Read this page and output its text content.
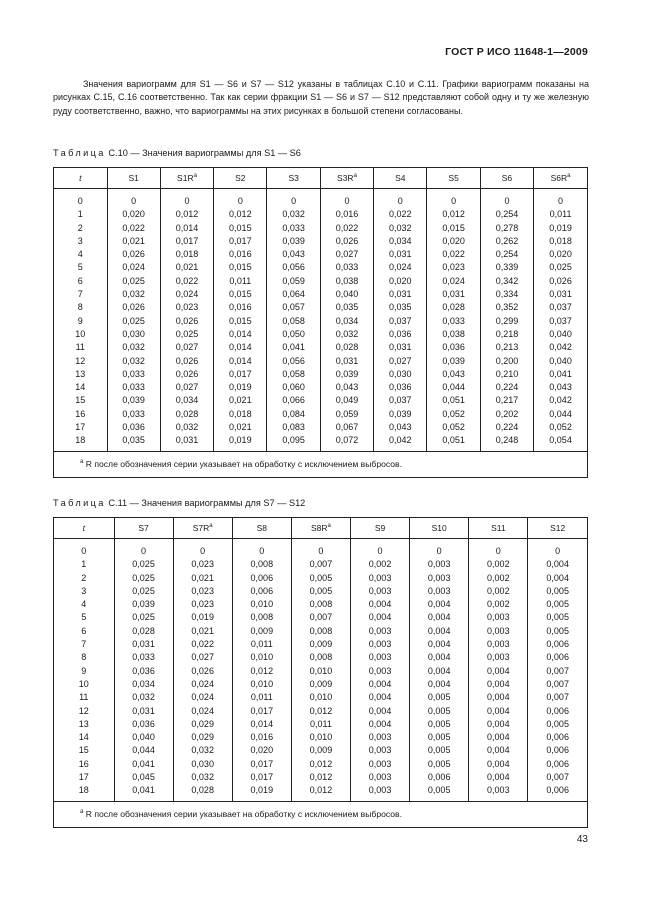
ГОСТ Р ИСО 11648-1—2009

Значения вариограмм для S1 — S6 и S7 — S12 указаны в таблицах С.10 и С.11. Графики вариограмм показаны на рисунках С.15, С.16 соответственно. Так как серии фракции S1 — S6 и S7 — S12 представляют собой одну и ту же железную руду соответственно, важно, что вариограммы на этих рисунках в большой степени согласованы.

Таблица С.10 — Значения вариограммы для S1 — S6
t	S1	$S1R^a$	S2	S3	$S3R^a$	S4	S5	S6	$S6R^a$
0	0	0	0	0	0	0	0	0	0
1	0,020	0,012	0,012	0,032	0,016	0,022	0,012	0,254	0,011
2	0,022	0,014	0,015	0,033	0,022	0,032	0,015	0,278	0,019
3	0,021	0,017	0,017	0,039	0,026	0,034	0,020	0,262	0,018
4	0,026	0,018	0,016	0,043	0,027	0,031	0,022	0,254	0,020
5	0,024	0,021	0,015	0,056	0,033	0,024	0,023	0,339	0,025
6	0,025	0,022	0,011	0,059	0,038	0,020	0,024	0,342	0,026
7	0,032	0,024	0,015	0,064	0,040	0,031	0,031	0,334	0,031
8	0,026	0,023	0,016	0,057	0,035	0,035	0,028	0,352	0,037
9	0,025	0,026	0,015	0,058	0,034	0,037	0,033	0,299	0,037
10	0,030	0,025	0,014	0,050	0,032	0,036	0,038	0,218	0,040
11	0,032	0,027	0,014	0,041	0,028	0,031	0,036	0,213	0,042
12	0,032	0,026	0,014	0,056	0,031	0,027	0,039	0,200	0,040
13	0,033	0,026	0,017	0,058	0,039	0,030	0,043	0,210	0,041
14	0,033	0,027	0,019	0,060	0,043	0,036	0,044	0,224	0,043
15	0,039	0,034	0,021	0,066	0,049	0,037	0,051	0,217	0,042
16	0,033	0,028	0,018	0,084	0,059	0,039	0,052	0,202	0,044
17	0,036	0,032	0,021	0,083	0,067	0,043	0,052	0,224	0,052
18	0,035	0,031	0,019	0,095	0,072	0,042	0,051	0,248	0,054
$^a$ R после обозначения серии указывает на обработку с исключением выбросов.
Таблица С.11 — Значения вариограммы для S7 — S12
t	S7	$S7R^a$	S8	$S8R^a$	S9	S10	S11	S12
0	0	0	0	0	0	0	0	0
1	0,025	0,023	0,008	0,007	0,002	0,003	0,002	0,004
2	0,025	0,021	0,006	0,005	0,003	0,003	0,002	0,004
3	0,025	0,023	0,006	0,005	0,003	0,003	0,002	0,005
4	0,039	0,023	0,010	0,008	0,004	0,004	0,002	0,005
5	0,025	0,019	0,008	0,007	0,004	0,004	0,003	0,005
6	0,028	0,021	0,009	0,008	0,003	0,004	0,003	0,005
7	0,031	0,022	0,011	0,009	0,003	0,004	0,003	0,006
8	0,033	0,027	0,010	0,008	0,003	0,004	0,003	0,006
9	0,036	0,026	0,012	0,010	0,003	0,004	0,004	0,007
10	0,034	0,024	0,010	0,009	0,004	0,004	0,004	0,007
11	0,032	0,024	0,011	0,010	0,004	0,005	0,004	0,007
12	0,031	0,024	0,017	0,012	0,004	0,005	0,004	0,006
13	0,036	0,029	0,014	0,011	0,004	0,005	0,004	0,005
14	0,040	0,029	0,016	0,010	0,003	0,005	0,004	0,006
15	0,044	0,032	0,020	0,009	0,003	0,005	0,004	0,006
16	0,041	0,030	0,017	0,012	0,003	0,005	0,004	0,006
17	0,045	0,032	0,017	0,012	0,003	0,006	0,004	0,007
18	0,041	0,028	0,019	0,012	0,003	0,005	0,003	0,006
$^a$ R после обозначения серии указывает на обработку с исключением выбросов.
43
